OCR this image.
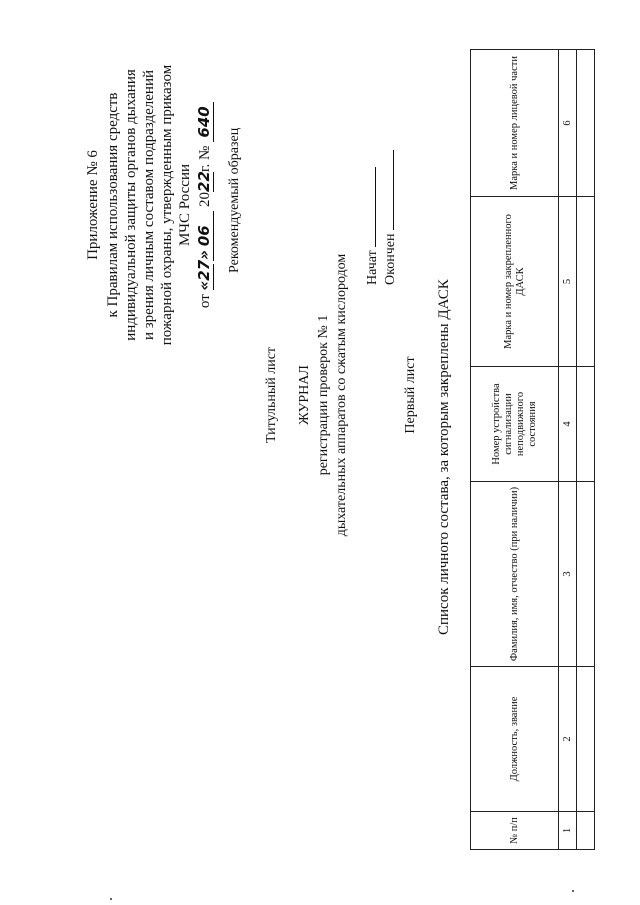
Приложение № 6 к Правилам использования средств индивидуальной защиты органов дыхания и зрения личным составом подразделений пожарной охраны, утвержденным приказом МЧС России
от «27» 06 2022г. № 640
Рекомендуемый образец
Титульный лист ЖУРНАЛ регистрации проверок № 1 дыхательных аппаратов со сжатым кислородом Начат Окончен
Первый лист Список личного состава, за которым закреплены ДАСК
№ п/п	Должность, звание	Фамилия, имя, отчество (при наличии)	Номер устройства сигнализации неподвижного состояния	Марка и номер закрепленного ДАСК	Марка и номер лицевой части
1	2	3	4	5	6
